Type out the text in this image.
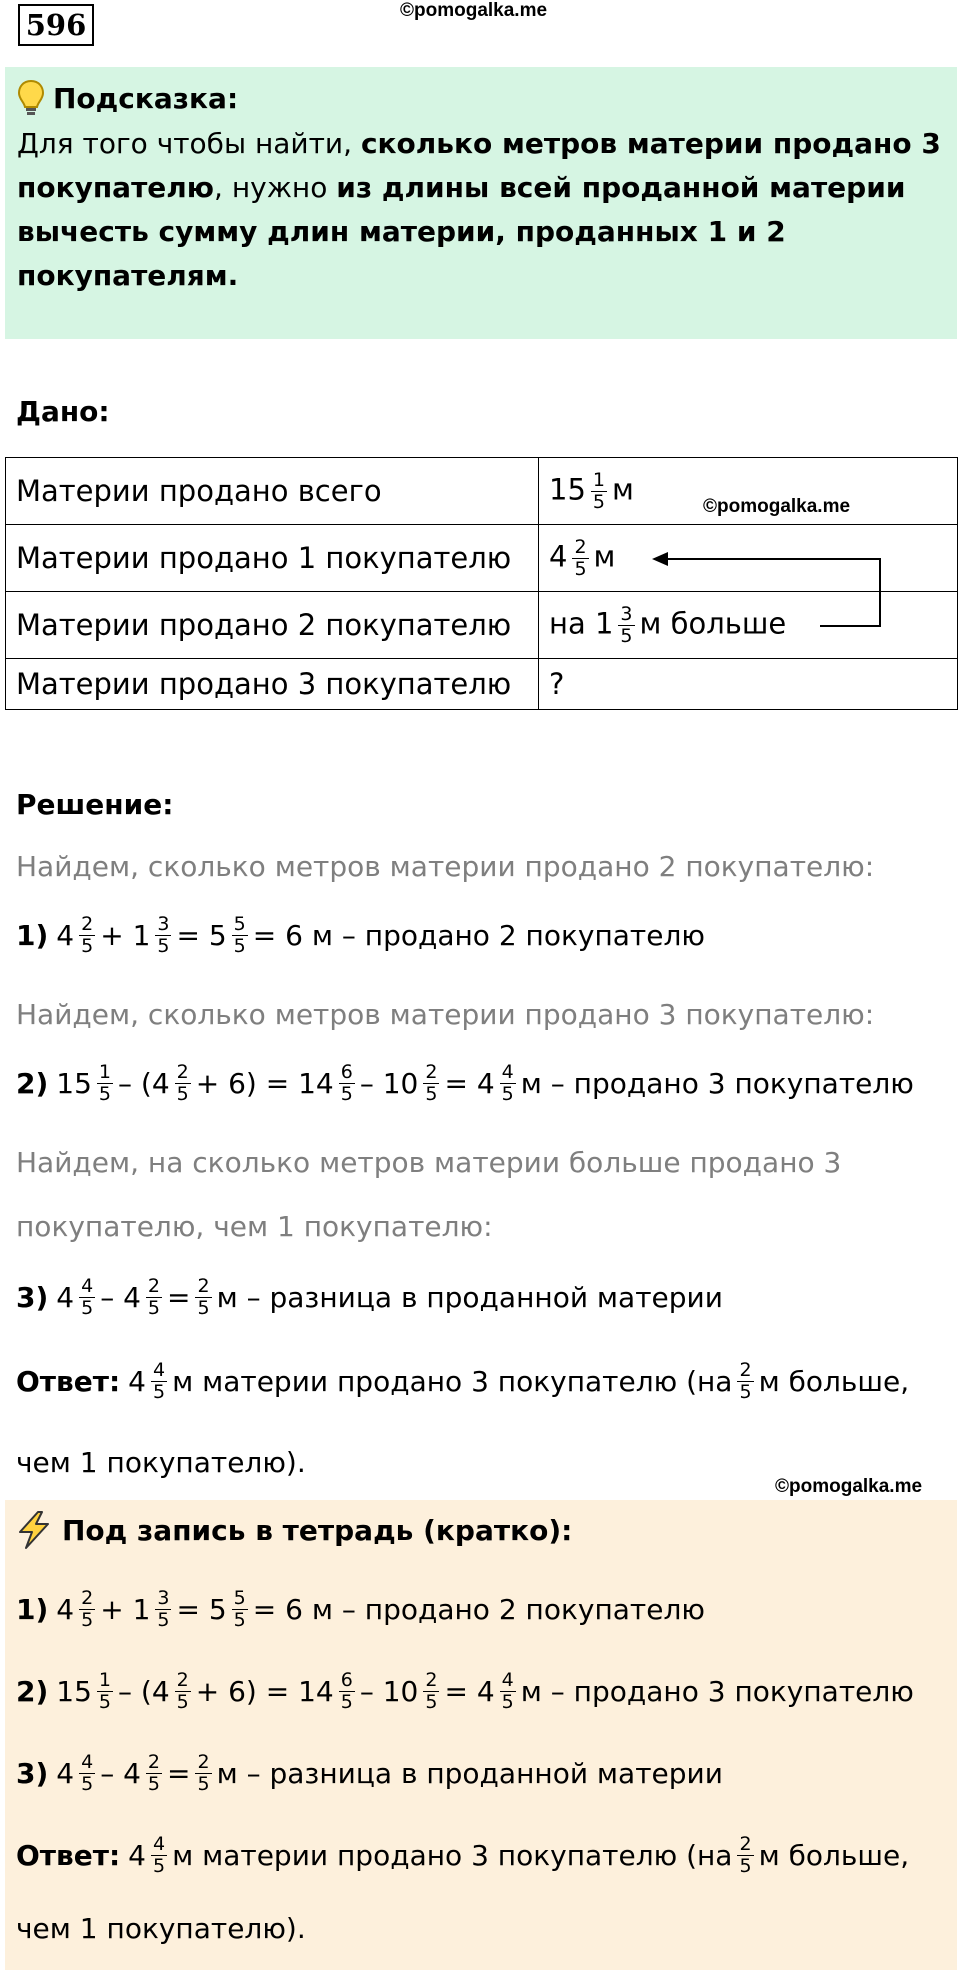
596	©pomogalka.me
Подсказка:
Для того чтобы найти, сколько метров материи продано 3 покупателю, нужно из длины всей проданной материи вычесть сумму длин материи, проданных 1 и 2 покупателям.
Дано:
Материи продано всего	$15 \frac{1}{5}$ м
Материи продано 1 покупателю	$4 \frac{2}{5}$ м
Материи продано 2 покупателю	на $1 \frac{3}{5}$ м больше
Материи продано 3 покупателю	?
©pomogalka.me
Решение:
Найдем, сколько метров материи продано 2 покупателю:
1) $4 \frac{2}{5} + 1 \frac{3}{5} = 5 \frac{5}{5} = 6$ м – продано 2 покупателю
Найдем, сколько метров материи продано 3 покупателю:
2) $15 \frac{1}{5} - (4 \frac{2}{5} + 6) = 14 \frac{6}{5} - 10 \frac{2}{5} = 4 \frac{4}{5}$ м – продано 3 покупателю
Найдем, на сколько метров материи больше продано 3
покупателю, чем 1 покупателю:
3) $4 \frac{4}{5} - 4 \frac{2}{5} = \frac{2}{5}$ м – разница в проданной материи
Ответ: $4 \frac{4}{5}$ м материи продано 3 покупателю ($на \frac{2}{5}$ м больше,
чем 1 покупателю).
©pomogalka.me
Под запись в тетрадь (кратко):
1) $4 \frac{2}{5} + 1 \frac{3}{5} = 5 \frac{5}{5} = 6$ м – продано 2 покупателю
2) $15 \frac{1}{5} - (4 \frac{2}{5} + 6) = 14 \frac{6}{5} - 10 \frac{2}{5} = 4 \frac{4}{5}$ м – продано 3 покупателю
3) $4 \frac{4}{5} - 4 \frac{2}{5} = \frac{2}{5}$ м – разница в проданной материи
Ответ: $4 \frac{4}{5}$ м материи продано 3 покупателю ($на \frac{2}{5}$ м больше,
чем 1 покупателю).
